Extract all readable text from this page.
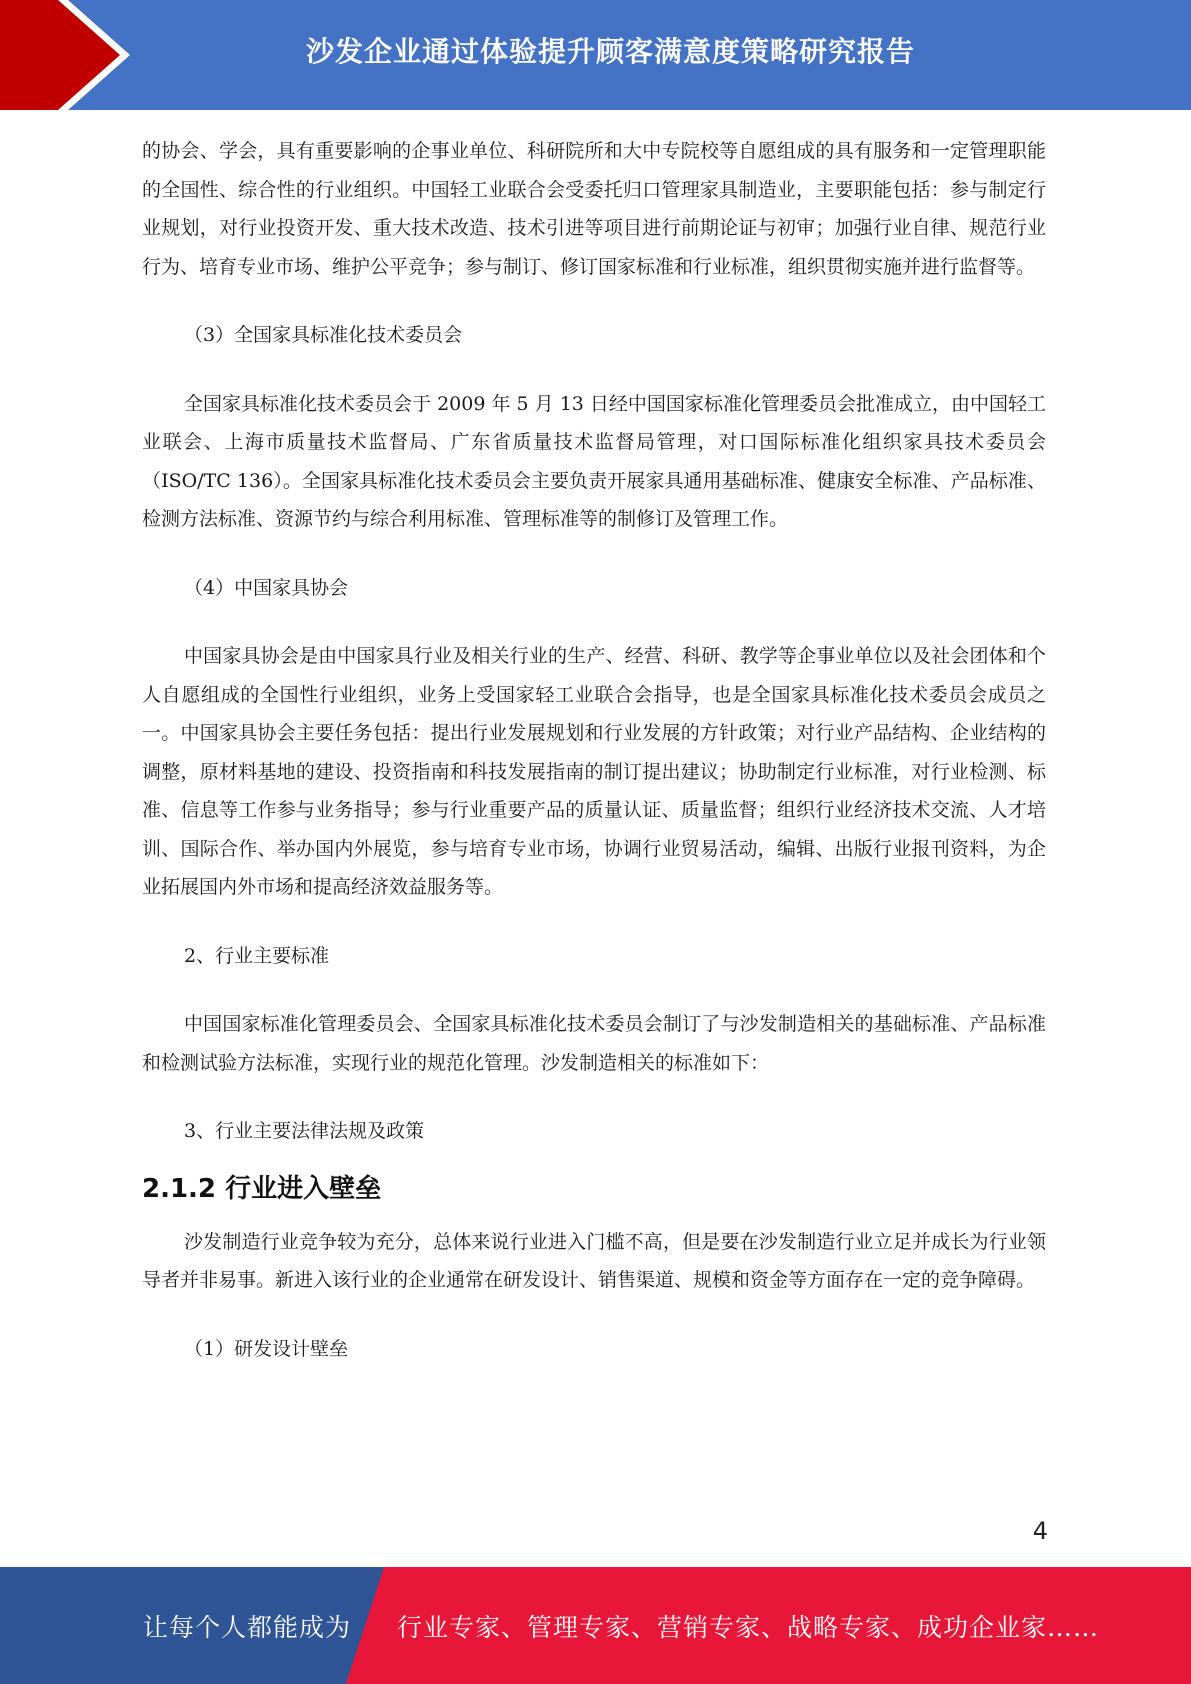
沙发企业通过体验提升顾客满意度策略研究报告

的协会、学会，具有重要影响的企事业单位、科研院所和大中专院校等自愿组成的具有服务和一定管理职能的全国性、综合性的行业组织。中国轻工业联合会受委托归口管理家具制造业，主要职能包括：参与制定行业规划，对行业投资开发、重大技术改造、技术引进等项目进行前期论证与初审；加强行业自律、规范行业行为、培育专业市场、维护公平竞争；参与制订、修订国家标准和行业标准，组织贯彻实施并进行监督等。

（3）全国家具标准化技术委员会

全国家具标准化技术委员会于 2009 年 5 月 13 日经中国国家标准化管理委员会批准成立，由中国轻工业联会、上海市质量技术监督局、广东省质量技术监督局管理，对口国际标准化组织家具技术委员会（ISO/TC 136）。全国家具标准化技术委员会主要负责开展家具通用基础标准、健康安全标准、产品标准、检测方法标准、资源节约与综合利用标准、管理标准等的制修订及管理工作。

（4）中国家具协会

中国家具协会是由中国家具行业及相关行业的生产、经营、科研、教学等企事业单位以及社会团体和个人自愿组成的全国性行业组织，业务上受国家轻工业联合会指导，也是全国家具标准化技术委员会成员之一。中国家具协会主要任务包括：提出行业发展规划和行业发展的方针政策；对行业产品结构、企业结构的调整，原材料基地的建设、投资指南和科技发展指南的制订提出建议；协助制定行业标准，对行业检测、标准、信息等工作参与业务指导；参与行业重要产品的质量认证、质量监督；组织行业经济技术交流、人才培训、国际合作、举办国内外展览，参与培育专业市场，协调行业贸易活动，编辑、出版行业报刊资料，为企业拓展国内外市场和提高经济效益服务等。

2、行业主要标准

中国国家标准化管理委员会、全国家具标准化技术委员会制订了与沙发制造相关的基础标准、产品标准和检测试验方法标准，实现行业的规范化管理。沙发制造相关的标准如下：

3、行业主要法律法规及政策

2.1.2 行业进入壁垒

沙发制造行业竞争较为充分，总体来说行业进入门槛不高，但是要在沙发制造行业立足并成长为行业领导者并非易事。新进入该行业的企业通常在研发设计、销售渠道、规模和资金等方面存在一定的竞争障碍。

（1）研发设计壁垒

4
让每个人都能成为 行业专家、管理专家、营销专家、战略专家、成功企业家……
